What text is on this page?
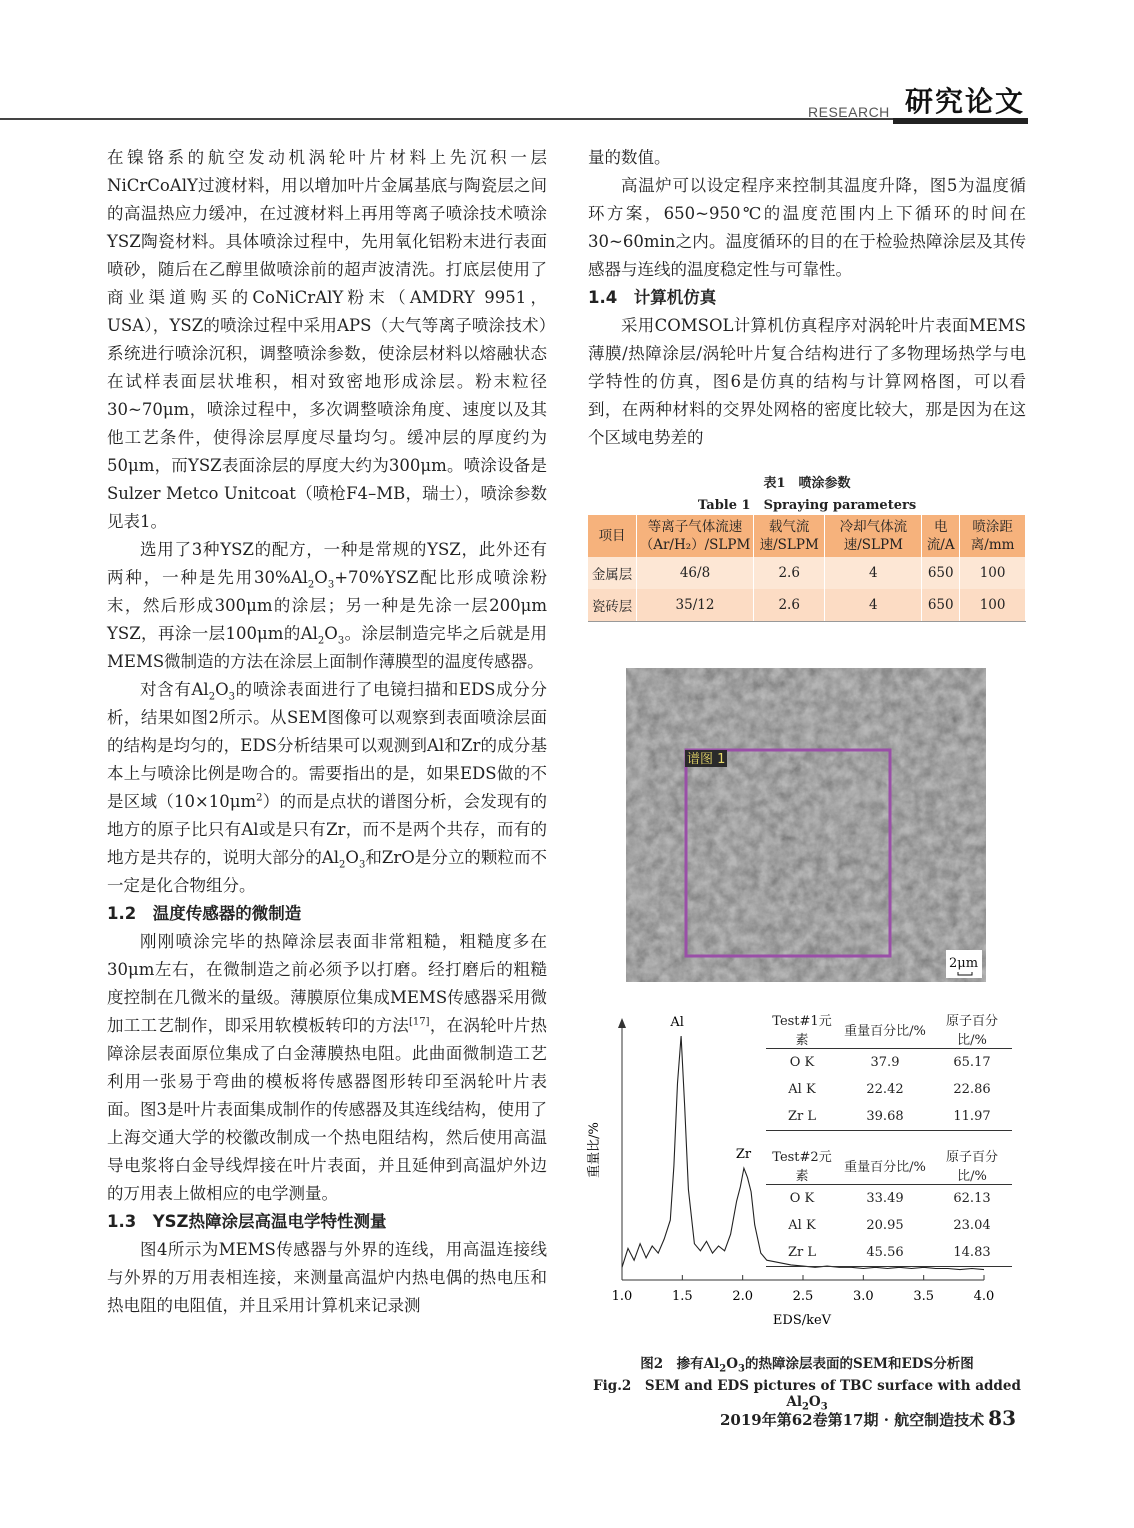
RESEARCH 研究论文

在镍铬系的航空发动机涡轮叶片材料上先沉积一层NiCrCoAlY过渡材料，用以增加叶片金属基底与陶瓷层之间的高温热应力缓冲，在过渡材料上再用等离子喷涂技术喷涂YSZ陶瓷材料。具体喷涂过程中，先用氧化铝粉末进行表面喷砂，随后在乙醇里做喷涂前的超声波清洗。打底层使用了商业渠道购买的CoNiCrAlY粉末（AMDRY 9951，USA），YSZ的喷涂过程中采用APS（大气等离子喷涂技术）系统进行喷涂沉积，调整喷涂参数，使涂层材料以熔融状态在试样表面层状堆积，相对致密地形成涂层。粉末粒径30~70μm，喷涂过程中，多次调整喷涂角度、速度以及其他工艺条件，使得涂层厚度尽量均匀。缓冲层的厚度约为50μm，而YSZ表面涂层的厚度大约为300μm。喷涂设备是Sulzer Metco Unitcoat（喷枪F4–MB，瑞士），喷涂参数见表1。

选用了3种YSZ的配方，一种是常规的YSZ，此外还有两种，一种是先用$30\%Al_2O_3+70\%YSZ$配比形成喷涂粉末，然后形成300μm的涂层；另一种是先涂一层200μm YSZ，再涂一层100μm的$Al_2O_3$。涂层制造完毕之后就是用MEMS微制造的方法在涂层上面制作薄膜型的温度传感器。

对含有$Al_2O_3$的喷涂表面进行了电镜扫描和EDS成分分析，结果如图2所示。从SEM图像可以观察到表面喷涂层面的结构是均匀的，EDS分析结果可以观测到Al和Zr的成分基本上与喷涂比例是吻合的。需要指出的是，如果EDS做的不是区域$(10\times 10\mu m^2)$的而是点状的谱图分析，会发现有的地方的原子比只有Al或是只有Zr，而不是两个共存，而有的地方是共存的，说明大部分的$Al_2O_3$和ZrO是分立的颗粒而不一定是化合物组分。

1.2　温度传感器的微制造

刚刚喷涂完毕的热障涂层表面非常粗糙，粗糙度多在30μm左右，在微制造之前必须予以打磨。经打磨后的粗糙度控制在几微米的量级。薄膜原位集成MEMS传感器采用微加工工艺制作，即采用软模板转印的方法[17]，在涡轮叶片热障涂层表面原位集成了白金薄膜热电阻。此曲面微制造工艺利用一张易于弯曲的模板将传感器图形转印至涡轮叶片表面。图3是叶片表面集成制作的传感器及其连线结构，使用了上海交通大学的校徽改制成一个热电阻结构，然后使用高温导电浆将白金导线焊接在叶片表面，并且延伸到高温炉外边的万用表上做相应的电学测量。

1.3　YSZ热障涂层高温电学特性测量

图4所示为MEMS传感器与外界的连线，用高温连接线与外界的万用表相连接，来测量高温炉内热电偶的热电压和热电阻的电阻值，并且采用计算机来记录测

量的数值。

高温炉可以设定程序来控制其温度升降，图5为温度循环方案，650~950℃的温度范围内上下循环的时间在30~60min之内。温度循环的目的在于检验热障涂层及其传感器与连线的温度稳定性与可靠性。

1.4　计算机仿真

采用COMSOL计算机仿真程序对涡轮叶片表面MEMS薄膜/热障涂层/涡轮叶片复合结构进行了多物理场热学与电学特性的仿真，图6是仿真的结构与计算网格图，可以看到，在两种材料的交界处网格的密度比较大，那是因为在这个区域电势差的

表1　喷涂参数
Table 1　Spraying parameters
项目	等离子气体流速（Ar/H₂）/SLPM	载气流速/SLPM	冷却气体流速/SLPM	电流/A	喷涂距离/mm
金属层	46/8	2.6	4	650	100
瓷砖层	35/12	2.6	4	650	100
谱图 1
2μm
1.0	1.5	2.0	2.5	3.0	3.5	4.0
Al
Zr
重量比/%
EDS/keV
Test#1元素	重量百分比/%	原子百分比/%
O K	37.9	65.17
Al K	22.42	22.86
Zr L	39.68	11.97
Test#2元素	重量百分比/%	原子百分比/%
O K	33.49	62.13
Al K	20.95	23.04
Zr L	45.56	14.83
图2　掺有$Al_2O_3$的热障涂层表面的SEM和EDS分析图
Fig.2　SEM and EDS pictures of TBC surface with added $Al_2O_3$
2019年第62卷第17期 · 航空制造技术 83
